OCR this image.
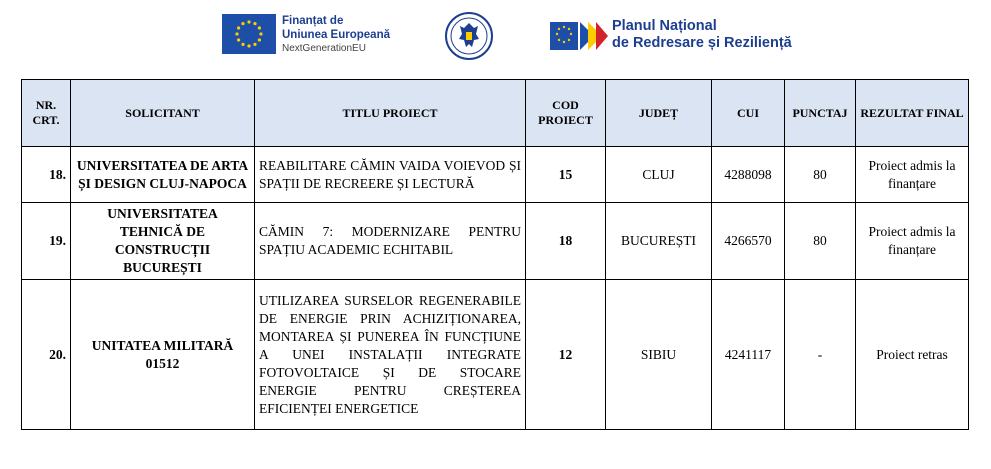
Finanțat de
Uniunea Europeană
NextGenerationEU
Planul Național
de Redresare și Reziliență
NR. CRT.	SOLICITANT	TITLU PROIECT	COD PROIECT	JUDEȚ	CUI	PUNCTAJ	REZULTAT FINAL
18.	UNIVERSITATEA DE ARTA ȘI DESIGN CLUJ-NAPOCA	REABILITARE CĂMIN VAIDA VOIEVOD ȘI SPAȚII DE RECREERE ȘI LECTURĂ	15	CLUJ	4288098	80	Proiect admis la finanțare
19.	UNIVERSITATEA TEHNICĂ DE CONSTRUCȚII BUCUREȘTI	CĂMIN 7: MODERNIZARE PENTRU SPAȚIU ACADEMIC ECHITABIL	18	BUCUREȘTI	4266570	80	Proiect admis la finanțare
20.	UNITATEA MILITARĂ 01512	UTILIZAREA SURSELOR REGENERABILE DE ENERGIE PRIN ACHIZIȚIONAREA, MONTAREA ȘI PUNEREA ÎN FUNCȚIUNE A UNEI INSTALAȚII INTEGRATE FOTOVOLTAICE ȘI DE STOCARE ENERGIE PENTRU CREȘTEREA EFICIENȚEI ENERGETICE	12	SIBIU	4241117	-	Proiect retras
